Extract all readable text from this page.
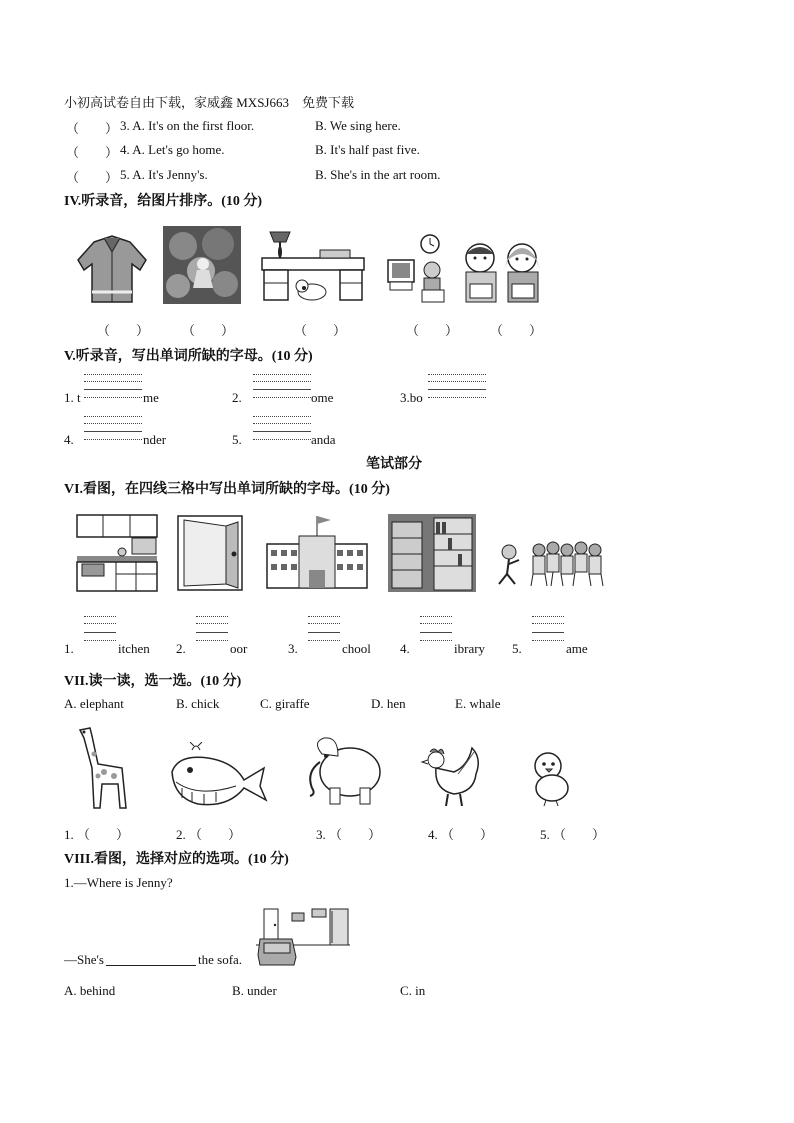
小初高试卷自由下载，家威鑫 MXSJ663　免费下载
（　　） 3. A. It's on the first floor.	B. We sing here.
（　　） 4. A. Let's go home.	B. It's half past five.
（　　） 5. A. It's Jenny's.	B. She's in the art room.
IV.听录音，给图片排序。(10 分)
（　　）	（　　）	（　　）	（　　） （　　）
V.听录音，写出单词所缺的字母。(10 分)
1. t	me	2.	ome	3.bo
4.	nder	5.	anda
笔试部分
VI.看图，在四线三格中写出单词所缺的字母。(10 分)
1.	itchen 2.	oor	3.	chool 4.	ibrary 5.	ame
VII.读一读，选一选。(10 分)
A. elephant	B. chick	C. giraffe	D. hen	E. whale
1. （　　）	2. （　　）	3. （　　）	4. （　　）	5. （　　）
VIII.看图，选择对应的选项。(10 分)
1.—Where is Jenny?
—She's	the sofa.
A. behind	B. under	C. in
